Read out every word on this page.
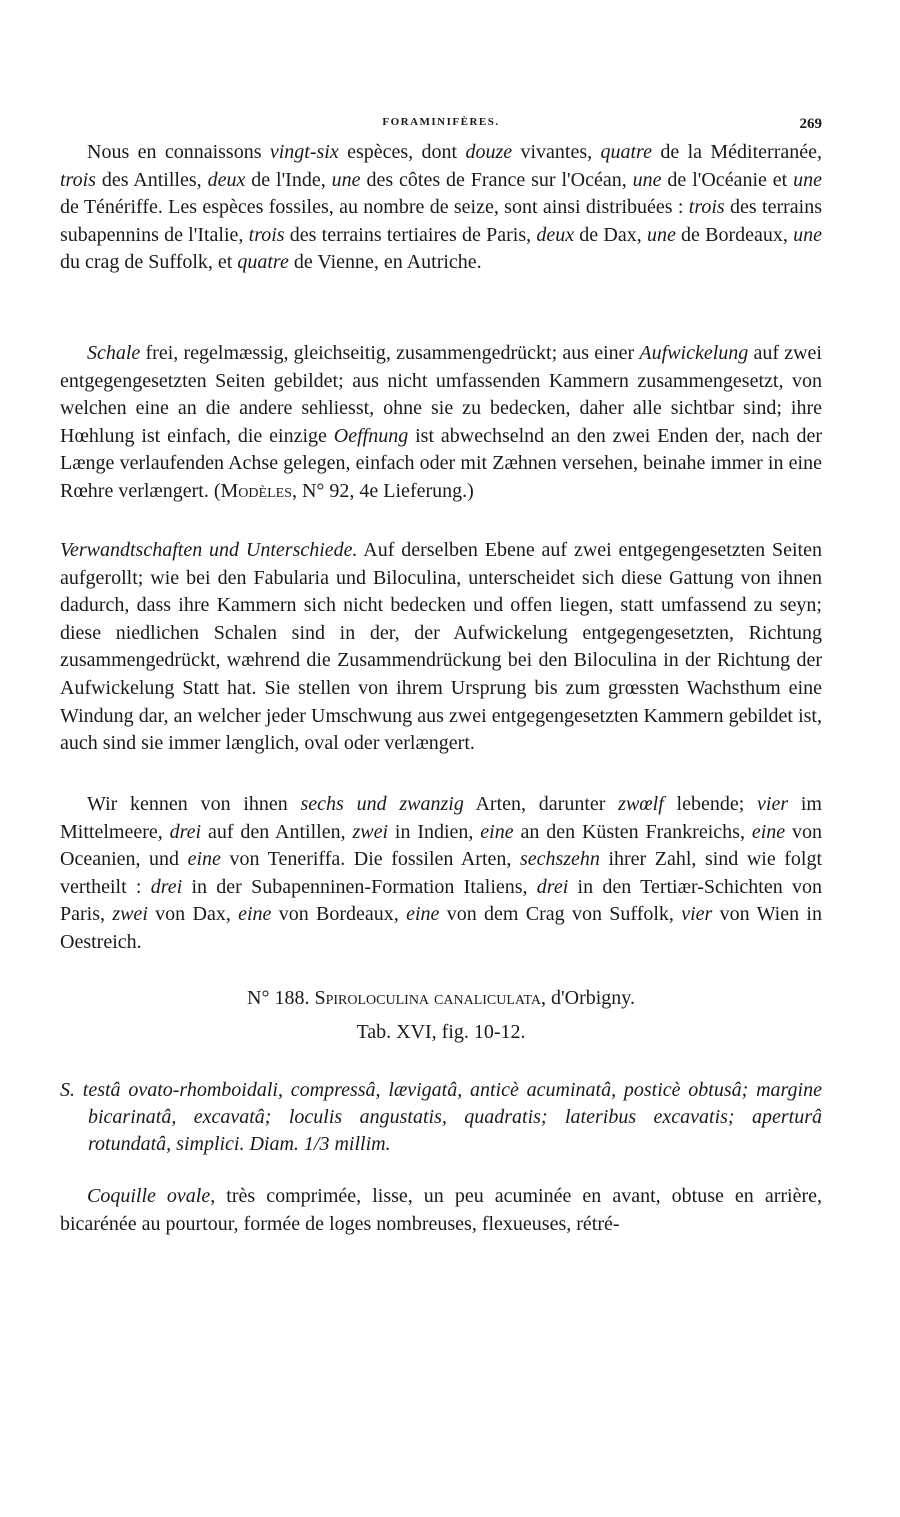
FORAMINIFÈRES.	269

Nous en connaissons vingt-six espèces, dont douze vivantes, quatre de la Méditerranée, trois des Antilles, deux de l'Inde, une des côtes de France sur l'Océan, une de l'Océanie et une de Ténériffe. Les espèces fossiles, au nombre de seize, sont ainsi distribuées : trois des terrains subapennins de l'Italie, trois des terrains tertiaires de Paris, deux de Dax, une de Bordeaux, une du crag de Suffolk, et quatre de Vienne, en Autriche.

Schale frei, regelmæssig, gleichseitig, zusammengedrückt; aus einer Aufwickelung auf zwei entgegengesetzten Seiten gebildet; aus nicht umfassenden Kammern zusammengesetzt, von welchen eine an die andere sehliesst, ohne sie zu bedecken, daher alle sichtbar sind; ihre Hœhlung ist einfach, die einzige Oeffnung ist abwechselnd an den zwei Enden der, nach der Længe verlaufenden Achse gelegen, einfach oder mit Zæhnen versehen, beinahe immer in eine Rœhre verlængert. (Modèles, N° 92, 4e Lieferung.)

Verwandtschaften und Unterschiede. Auf derselben Ebene auf zwei entgegengesetzten Seiten aufgerollt; wie bei den Fabularia und Biloculina, unterscheidet sich diese Gattung von ihnen dadurch, dass ihre Kammern sich nicht bedecken und offen liegen, statt umfassend zu seyn; diese niedlichen Schalen sind in der, der Aufwickelung entgegengesetzten, Richtung zusammengedrückt, wæhrend die Zusammendrückung bei den Biloculina in der Richtung der Aufwickelung Statt hat. Sie stellen von ihrem Ursprung bis zum grœssten Wachsthum eine Windung dar, an welcher jeder Umschwung aus zwei entgegengesetzten Kammern gebildet ist, auch sind sie immer længlich, oval oder verlængert.

Wir kennen von ihnen sechs und zwanzig Arten, darunter zwœlf lebende; vier im Mittelmeere, drei auf den Antillen, zwei in Indien, eine an den Küsten Frankreichs, eine von Oceanien, und eine von Teneriffa. Die fossilen Arten, sechszehn ihrer Zahl, sind wie folgt vertheilt : drei in der Subapenninen-Formation Italiens, drei in den Tertiær-Schichten von Paris, zwei von Dax, eine von Bordeaux, eine von dem Crag von Suffolk, vier von Wien in Oestreich.

N° 188. Spiroloculina canaliculata, d'Orbigny.
Tab. XVI, fig. 10-12.

S. testâ ovato-rhomboidali, compressâ, lævigatâ, anticè acuminatâ, posticè obtusâ; margine bicarinatâ, excavatâ; loculis angustatis, quadratis; lateribus excavatis; aperturâ rotundatâ, simplici. Diam. 1/3 millim.

Coquille ovale, très comprimée, lisse, un peu acuminée en avant, obtuse en arrière, bicarénée au pourtour, formée de loges nombreuses, flexueuses, rétré-
